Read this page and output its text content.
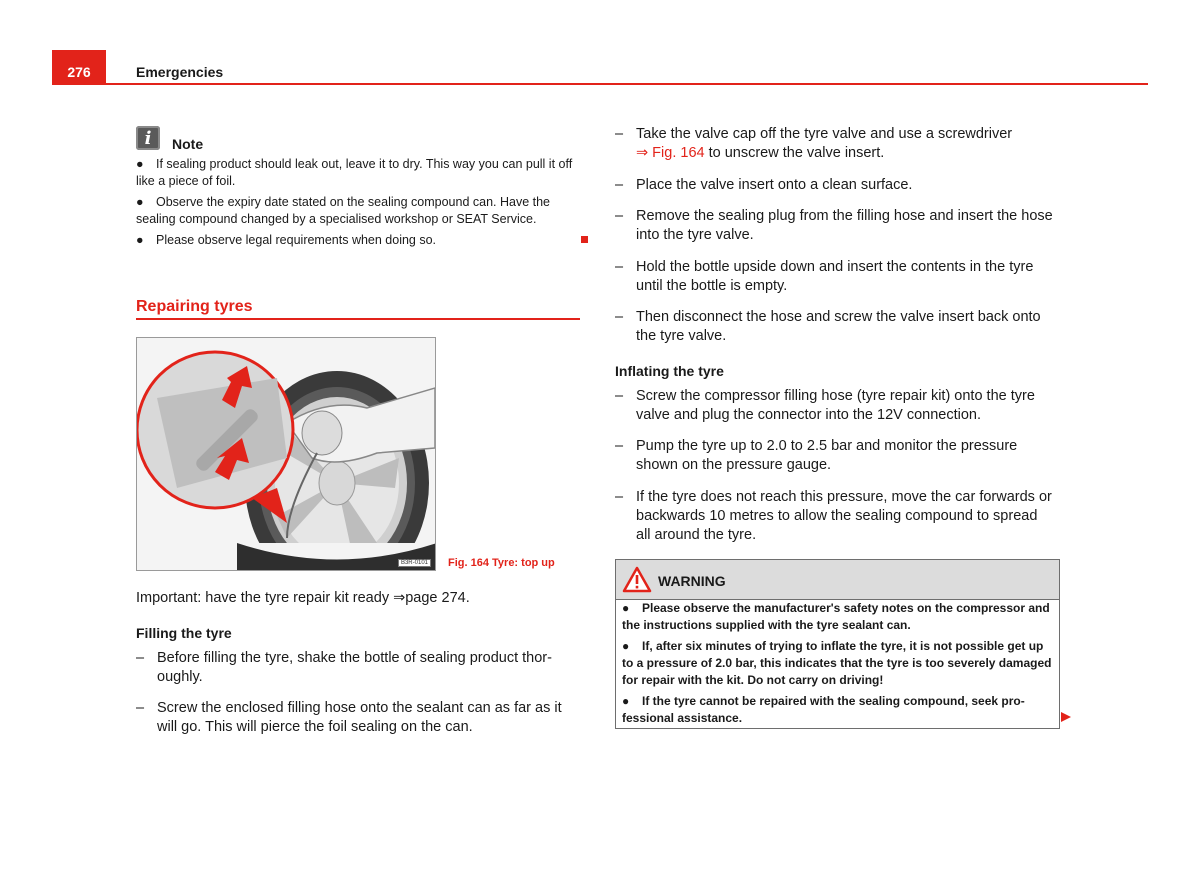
276	Emergencies
i	Note

● If sealing product should leak out, leave it to dry. This way you can pull it off like a piece of foil.

● Observe the expiry date stated on the sealing compound can. Have the sealing compound changed by a specialised workshop or SEAT Service.

● Please observe legal requirements when doing so.

Repairing tyres
B3R-0101 Fig. 164 Tyre: top up
Important: have the tyre repair kit ready ⇒page 274.
Filling the tyre
– Before filling the tyre, shake the bottle of sealing product thor-oughly.
– Screw the enclosed filling hose onto the sealant can as far as it will go. This will pierce the foil sealing on the can.
– Take the valve cap off the tyre valve and use a screwdriver
⇒ Fig. 164 to unscrew the valve insert.
– Place the valve insert onto a clean surface.
– Remove the sealing plug from the filling hose and insert the hose into the tyre valve.
– Hold the bottle upside down and insert the contents in the tyre until the bottle is empty.
– Then disconnect the hose and screw the valve insert back onto the tyre valve.
Inflating the tyre
– Screw the compressor filling hose (tyre repair kit) onto the tyre valve and plug the connector into the 12V connection.
– Pump the tyre up to 2.0 to 2.5 bar and monitor the pressure shown on the pressure gauge.
– If the tyre does not reach this pressure, move the car forwards or backwards 10 metres to allow the sealing compound to spread all around the tyre.
WARNING

● Please observe the manufacturer's safety notes on the compressor and the instructions supplied with the tyre sealant can.

● If, after six minutes of trying to inflate the tyre, it is not possible get up to a pressure of 2.0 bar, this indicates that the tyre is too severely damaged for repair with the kit. Do not carry on driving!

● If the tyre cannot be repaired with the sealing compound, seek pro-fessional assistance.
